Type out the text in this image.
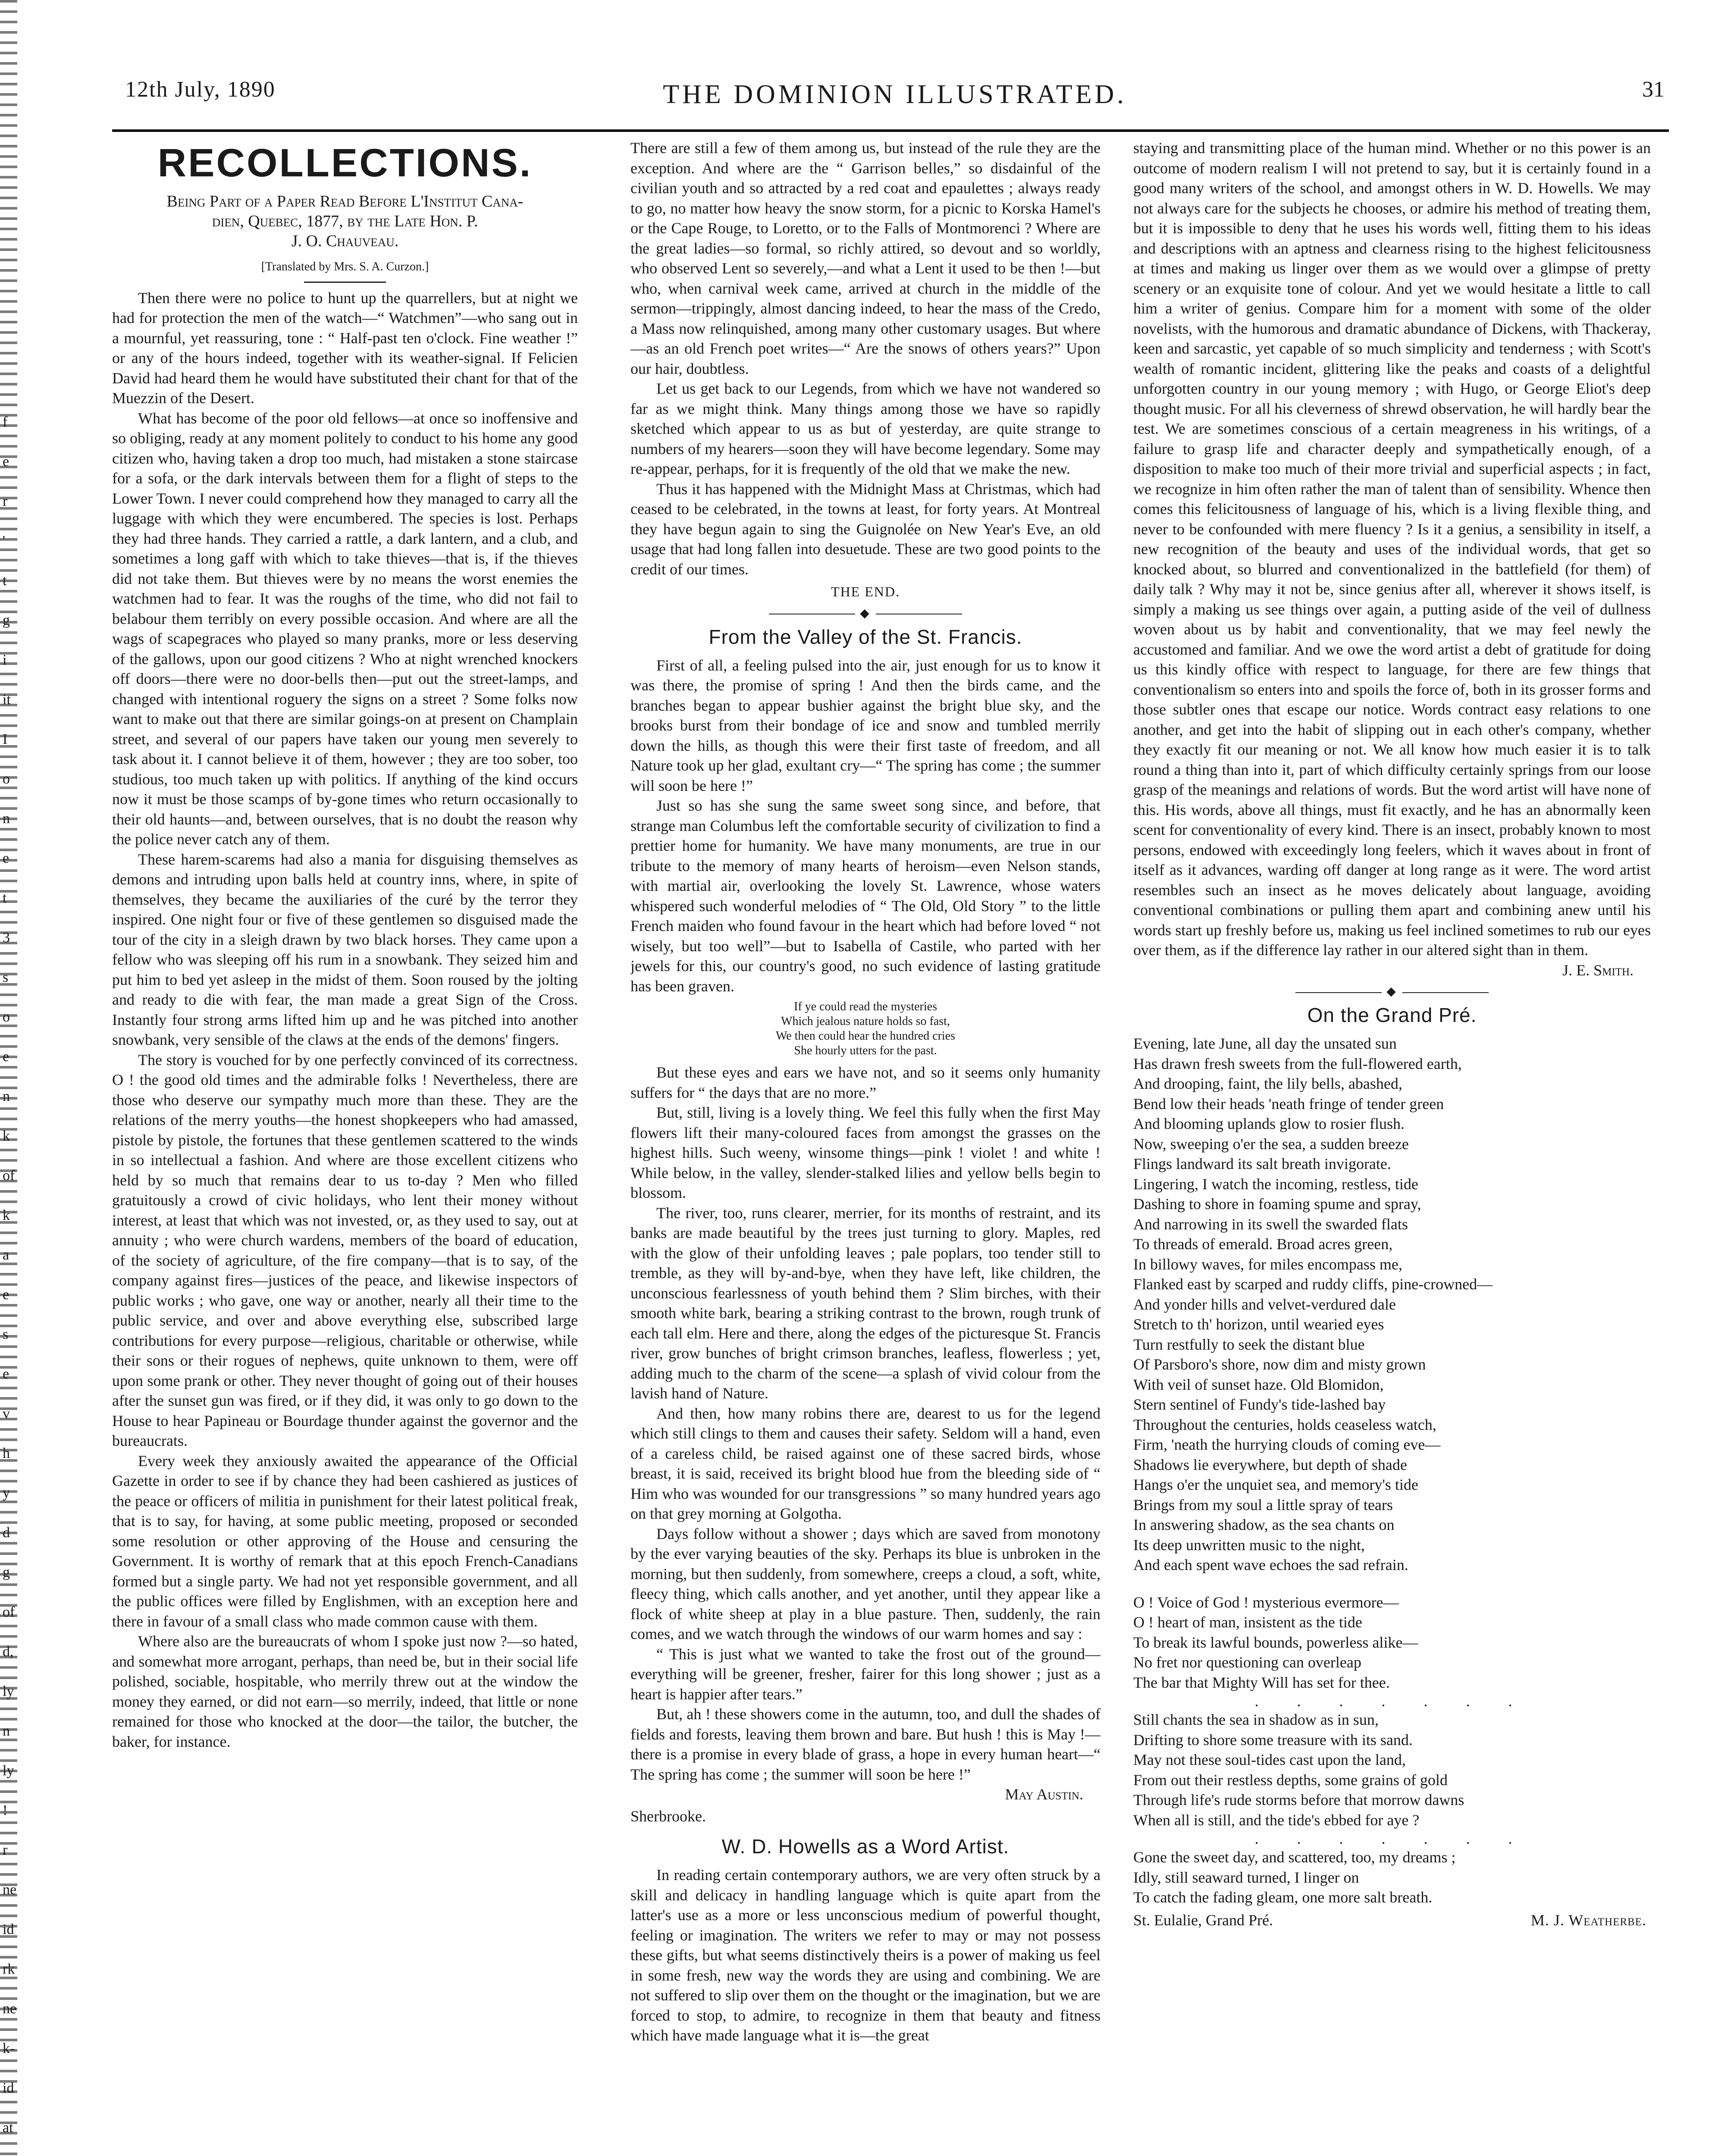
f
e
r
'
t
g
i
it
I
o
n
e
t
3
s
o
e
n
k
of
k
a
e
s
e
v
h
y
d
g
of
d,
ly
n
ly
!
r
ne
id
rk
ne
k-
id
at
12th July, 1890	THE DOMINION ILLUSTRATED.	31
RECOLLECTIONS.
Being Part of a Paper Read Before L'Institut Cana-
dien, Quebec, 1877, by the Late Hon. P.
J. O. Chauveau.
[Translated by Mrs. S. A. Curzon.]

Then there were no police to hunt up the quarrellers, but at night we had for protection the men of the watch—“ Watchmen”—who sang out in a mournful, yet reassuring, tone : “ Half-past ten o'clock. Fine weather !” or any of the hours indeed, together with its weather-signal. If Felicien David had heard them he would have substituted their chant for that of the Muezzin of the Desert.

What has become of the poor old fellows—at once so inoffensive and so obliging, ready at any moment politely to conduct to his home any good citizen who, having taken a drop too much, had mistaken a stone staircase for a sofa, or the dark intervals between them for a flight of steps to the Lower Town. I never could comprehend how they managed to carry all the luggage with which they were encumbered. The species is lost. Perhaps they had three hands. They carried a rattle, a dark lantern, and a club, and sometimes a long gaff with which to take thieves—that is, if the thieves did not take them. But thieves were by no means the worst enemies the watchmen had to fear. It was the roughs of the time, who did not fail to belabour them terribly on every possible occasion. And where are all the wags of scapegraces who played so many pranks, more or less deserving of the gallows, upon our good citizens ? Who at night wrenched knockers off doors—there were no door-bells then—put out the street-lamps, and changed with intentional roguery the signs on a street ? Some folks now want to make out that there are similar goings-on at present on Champlain street, and several of our papers have taken our young men severely to task about it. I cannot believe it of them, however ; they are too sober, too studious, too much taken up with politics. If anything of the kind occurs now it must be those scamps of by-gone times who return occasionally to their old haunts—and, between ourselves, that is no doubt the reason why the police never catch any of them.

These harem-scarems had also a mania for disguising themselves as demons and intruding upon balls held at country inns, where, in spite of themselves, they became the auxiliaries of the curé by the terror they inspired. One night four or five of these gentlemen so disguised made the tour of the city in a sleigh drawn by two black horses. They came upon a fellow who was sleeping off his rum in a snowbank. They seized him and put him to bed yet asleep in the midst of them. Soon roused by the jolting and ready to die with fear, the man made a great Sign of the Cross. Instantly four strong arms lifted him up and he was pitched into another snowbank, very sensible of the claws at the ends of the demons' fingers.

The story is vouched for by one perfectly convinced of its correctness. O ! the good old times and the admirable folks ! Nevertheless, there are those who deserve our sympathy much more than these. They are the relations of the merry youths—the honest shopkeepers who had amassed, pistole by pistole, the fortunes that these gentlemen scattered to the winds in so intellectual a fashion. And where are those excellent citizens who held by so much that remains dear to us to-day ? Men who filled gratuitously a crowd of civic holidays, who lent their money without interest, at least that which was not invested, or, as they used to say, out at annuity ; who were church wardens, members of the board of education, of the society of agriculture, of the fire company—that is to say, of the company against fires—justices of the peace, and likewise inspectors of public works ; who gave, one way or another, nearly all their time to the public service, and over and above everything else, subscribed large contributions for every purpose—religious, charitable or otherwise, while their sons or their rogues of nephews, quite unknown to them, were off upon some prank or other. They never thought of going out of their houses after the sunset gun was fired, or if they did, it was only to go down to the House to hear Papineau or Bourdage thunder against the governor and the bureaucrats.

Every week they anxiously awaited the appearance of the Official Gazette in order to see if by chance they had been cashiered as justices of the peace or officers of militia in punishment for their latest political freak, that is to say, for having, at some public meeting, proposed or seconded some resolution or other approving of the House and censuring the Government. It is worthy of remark that at this epoch French-Canadians formed but a single party. We had not yet responsible government, and all the public offices were filled by Englishmen, with an exception here and there in favour of a small class who made common cause with them.

Where also are the bureaucrats of whom I spoke just now ?—so hated, and somewhat more arrogant, perhaps, than need be, but in their social life polished, sociable, hospitable, who merrily threw out at the window the money they earned, or did not earn—so merrily, indeed, that little or none remained for those who knocked at the door—the tailor, the butcher, the baker, for instance.

There are still a few of them among us, but instead of the rule they are the exception. And where are the “ Garrison belles,” so disdainful of the civilian youth and so attracted by a red coat and epaulettes ; always ready to go, no matter how heavy the snow storm, for a picnic to Korska Hamel's or the Cape Rouge, to Loretto, or to the Falls of Montmorenci ? Where are the great ladies—so formal, so richly attired, so devout and so worldly, who observed Lent so severely,—and what a Lent it used to be then !—but who, when carnival week came, arrived at church in the middle of the sermon—trippingly, almost dancing indeed, to hear the mass of the Credo, a Mass now relinquished, among many other customary usages. But where—as an old French poet writes—“ Are the snows of others years?” Upon our hair, doubtless.

Let us get back to our Legends, from which we have not wandered so far as we might think. Many things among those we have so rapidly sketched which appear to us as but of yesterday, are quite strange to numbers of my hearers—soon they will have become legendary. Some may re-appear, perhaps, for it is frequently of the old that we make the new.

Thus it has happened with the Midnight Mass at Christmas, which had ceased to be celebrated, in the towns at least, for forty years. At Montreal they have begun again to sing the Guignolée on New Year's Eve, an old usage that had long fallen into desuetude. These are two good points to the credit of our times.

THE END.
◆
From the Valley of the St. Francis.

First of all, a feeling pulsed into the air, just enough for us to know it was there, the promise of spring ! And then the birds came, and the branches began to appear bushier against the bright blue sky, and the brooks burst from their bondage of ice and snow and tumbled merrily down the hills, as though this were their first taste of freedom, and all Nature took up her glad, exultant cry—“ The spring has come ; the summer will soon be here !”

Just so has she sung the same sweet song since, and before, that strange man Columbus left the comfortable security of civilization to find a prettier home for humanity. We have many monuments, are true in our tribute to the memory of many hearts of heroism—even Nelson stands, with martial air, overlooking the lovely St. Lawrence, whose waters whispered such wonderful melodies of “ The Old, Old Story ” to the little French maiden who found favour in the heart which had before loved “ not wisely, but too well”—but to Isabella of Castile, who parted with her jewels for this, our country's good, no such evidence of lasting gratitude has been graven.

If ye could read the mysteries
Which jealous nature holds so fast,
We then could hear the hundred cries
She hourly utters for the past.

But these eyes and ears we have not, and so it seems only humanity suffers for “ the days that are no more.”

But, still, living is a lovely thing. We feel this fully when the first May flowers lift their many-coloured faces from amongst the grasses on the highest hills. Such weeny, winsome things—pink ! violet ! and white ! While below, in the valley, slender-stalked lilies and yellow bells begin to blossom.

The river, too, runs clearer, merrier, for its months of restraint, and its banks are made beautiful by the trees just turning to glory. Maples, red with the glow of their unfolding leaves ; pale poplars, too tender still to tremble, as they will by-and-bye, when they have left, like children, the unconscious fearlessness of youth behind them ? Slim birches, with their smooth white bark, bearing a striking contrast to the brown, rough trunk of each tall elm. Here and there, along the edges of the picturesque St. Francis river, grow bunches of bright crimson branches, leafless, flowerless ; yet, adding much to the charm of the scene—a splash of vivid colour from the lavish hand of Nature.

And then, how many robins there are, dearest to us for the legend which still clings to them and causes their safety. Seldom will a hand, even of a careless child, be raised against one of these sacred birds, whose breast, it is said, received its bright blood hue from the bleeding side of “ Him who was wounded for our transgressions ” so many hundred years ago on that grey morning at Golgotha.

Days follow without a shower ; days which are saved from monotony by the ever varying beauties of the sky. Perhaps its blue is unbroken in the morning, but then suddenly, from somewhere, creeps a cloud, a soft, white, fleecy thing, which calls another, and yet another, until they appear like a flock of white sheep at play in a blue pasture. Then, suddenly, the rain comes, and we watch through the windows of our warm homes and say :

“ This is just what we wanted to take the frost out of the ground—everything will be greener, fresher, fairer for this long shower ; just as a heart is happier after tears.”

But, ah ! these showers come in the autumn, too, and dull the shades of fields and forests, leaving them brown and bare. But hush ! this is May !—there is a promise in every blade of grass, a hope in every human heart—“ The spring has come ; the summer will soon be here !”

May Austin.
Sherbrooke.
W. D. Howells as a Word Artist.

In reading certain contemporary authors, we are very often struck by a skill and delicacy in handling language which is quite apart from the latter's use as a more or less unconscious medium of powerful thought, feeling or imagination. The writers we refer to may or may not possess these gifts, but what seems distinctively theirs is a power of making us feel in some fresh, new way the words they are using and combining. We are not suffered to slip over them on the thought or the imagination, but we are forced to stop, to admire, to recognize in them that beauty and fitness which have made language what it is—the great

staying and transmitting place of the human mind. Whether or no this power is an outcome of modern realism I will not pretend to say, but it is certainly found in a good many writers of the school, and amongst others in W. D. Howells. We may not always care for the subjects he chooses, or admire his method of treating them, but it is impossible to deny that he uses his words well, fitting them to his ideas and descriptions with an aptness and clearness rising to the highest felicitousness at times and making us linger over them as we would over a glimpse of pretty scenery or an exquisite tone of colour. And yet we would hesitate a little to call him a writer of genius. Compare him for a moment with some of the older novelists, with the humorous and dramatic abundance of Dickens, with Thackeray, keen and sarcastic, yet capable of so much simplicity and tenderness ; with Scott's wealth of romantic incident, glittering like the peaks and coasts of a delightful unforgotten country in our young memory ; with Hugo, or George Eliot's deep thought music. For all his cleverness of shrewd observation, he will hardly bear the test. We are sometimes conscious of a certain meagreness in his writings, of a failure to grasp life and character deeply and sympathetically enough, of a disposition to make too much of their more trivial and superficial aspects ; in fact, we recognize in him often rather the man of talent than of sensibility. Whence then comes this felicitousness of language of his, which is a living flexible thing, and never to be confounded with mere fluency ? Is it a genius, a sensibility in itself, a new recognition of the beauty and uses of the individual words, that get so knocked about, so blurred and conventionalized in the battlefield (for them) of daily talk ? Why may it not be, since genius after all, wherever it shows itself, is simply a making us see things over again, a putting aside of the veil of dullness woven about us by habit and conventionality, that we may feel newly the accustomed and familiar. And we owe the word artist a debt of gratitude for doing us this kindly office with respect to language, for there are few things that conventionalism so enters into and spoils the force of, both in its grosser forms and those subtler ones that escape our notice. Words contract easy relations to one another, and get into the habit of slipping out in each other's company, whether they exactly fit our meaning or not. We all know how much easier it is to talk round a thing than into it, part of which difficulty certainly springs from our loose grasp of the meanings and relations of words. But the word artist will have none of this. His words, above all things, must fit exactly, and he has an abnormally keen scent for conventionality of every kind. There is an insect, probably known to most persons, endowed with exceedingly long feelers, which it waves about in front of itself as it advances, warding off danger at long range as it were. The word artist resembles such an insect as he moves delicately about language, avoiding conventional combinations or pulling them apart and combining anew until his words start up freshly before us, making us feel inclined sometimes to rub our eyes over them, as if the difference lay rather in our altered sight than in them.

J. E. Smith.
◆
On the Grand Pré.
Evening, late June, all day the unsated sun
Has drawn fresh sweets from the full-flowered earth,
And drooping, faint, the lily bells, abashed,
Bend low their heads 'neath fringe of tender green
And blooming uplands glow to rosier flush.
Now, sweeping o'er the sea, a sudden breeze
Flings landward its salt breath invigorate.
Lingering, I watch the incoming, restless, tide
Dashing to shore in foaming spume and spray,
And narrowing in its swell the swarded flats
To threads of emerald. Broad acres green,
In billowy waves, for miles encompass me,
Flanked east by scarped and ruddy cliffs, pine-crowned—
And yonder hills and velvet-verdured dale
Stretch to th' horizon, until wearied eyes
Turn restfully to seek the distant blue
Of Parsboro's shore, now dim and misty grown
With veil of sunset haze. Old Blomidon,
Stern sentinel of Fundy's tide-lashed bay
Throughout the centuries, holds ceaseless watch,
Firm, 'neath the hurrying clouds of coming eve—
Shadows lie everywhere, but depth of shade
Hangs o'er the unquiet sea, and memory's tide
Brings from my soul a little spray of tears
In answering shadow, as the sea chants on
Its deep unwritten music to the night,
And each spent wave echoes the sad refrain.
O ! Voice of God ! mysterious evermore—
O ! heart of man, insistent as the tide
To break its lawful bounds, powerless alike—
No fret nor questioning can overleap
The bar that Mighty Will has set for thee.
. . . . . . .
Still chants the sea in shadow as in sun,
Drifting to shore some treasure with its sand.
May not these soul-tides cast upon the land,
From out their restless depths, some grains of gold
Through life's rude storms before that morrow dawns
When all is still, and the tide's ebbed for aye ?
. . . . . . .
Gone the sweet day, and scattered, too, my dreams ;
Idly, still seaward turned, I linger on
To catch the fading gleam, one more salt breath.
St. Eulalie, Grand Pré.	M. J. Weatherbe.
